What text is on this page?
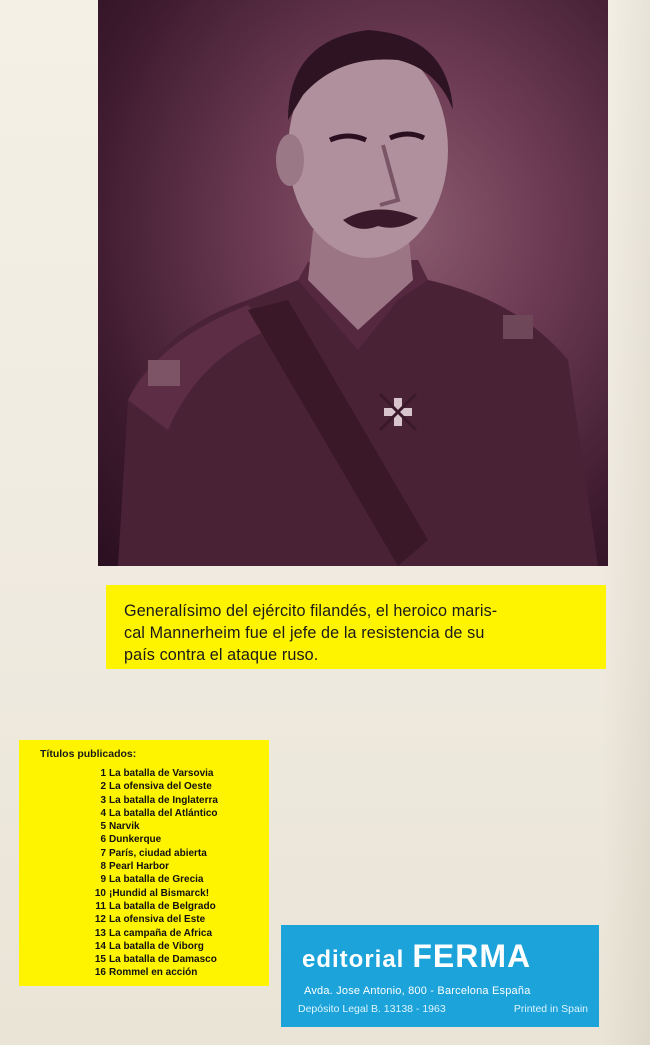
Generalísimo del ejército filandés, el heroico maris-
cal Mannerheim fue el jefe de la resistencia de su
país contra el ataque ruso.
Títulos publicados:
1 La batalla de Varsovia
2 La ofensiva del Oeste
3 La batalla de Inglaterra
4 La batalla del Atlántico
5 Narvik
6 Dunkerque
7 París, ciudad abierta
8 Pearl Harbor
9 La batalla de Grecia
10 ¡Hundid al Bismarck!
11 La batalla de Belgrado
12 La ofensiva del Este
13 La campaña de Africa
14 La batalla de Viborg
15 La batalla de Damasco
16 Rommel en acción	editorial FERMA
Avda. Jose Antonio, 800 - Barcelona España
Depósito Legal B. 13138 - 1963	Printed in Spain
